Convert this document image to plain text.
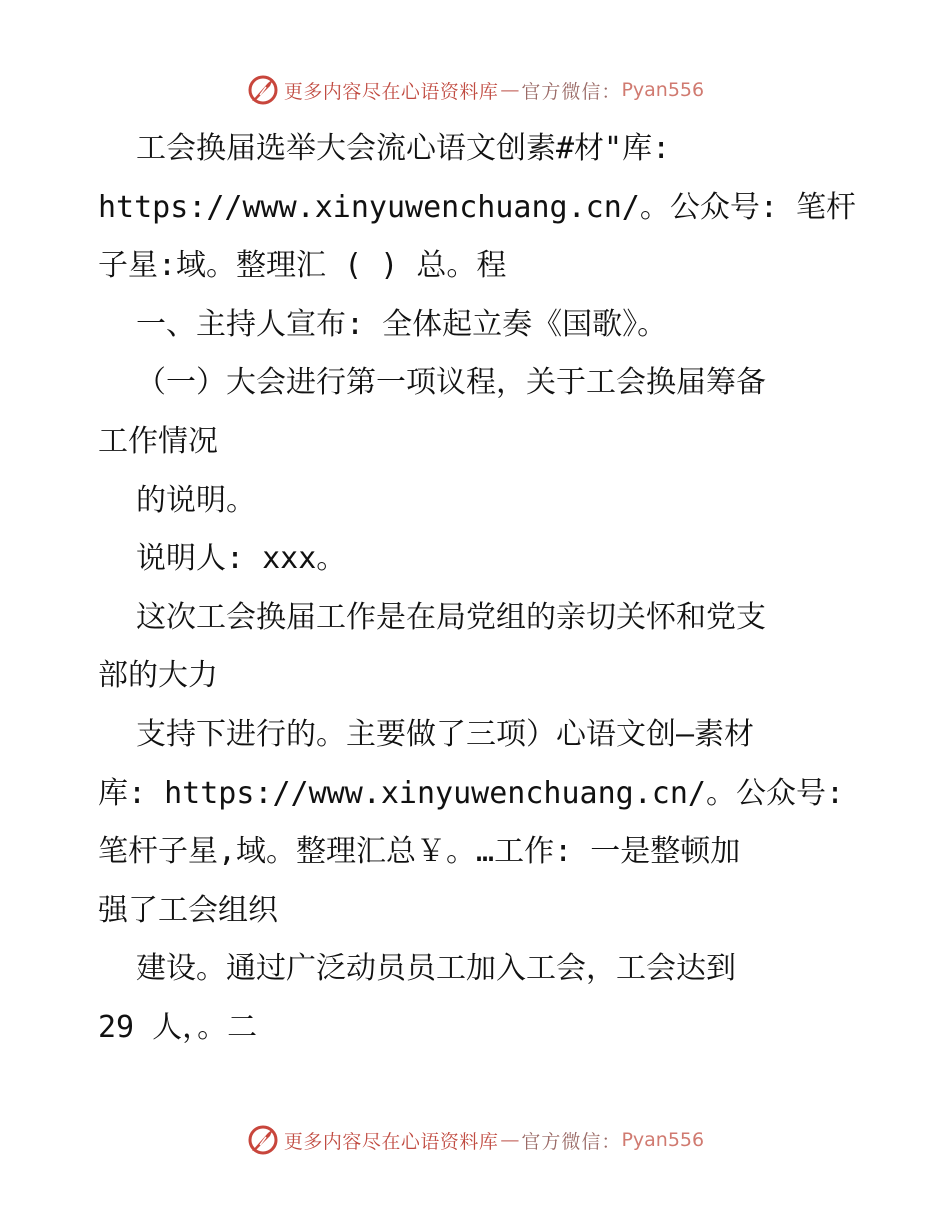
更多内容尽在心语资料库 — 官方微信： Pyan556

工会换届选举大会流心语文创素#材"库:

https://www.xinyuwenchuang.cn/。公众号: 笔杆

子星:域。整理汇 ( ) 总。程

一、主持人宣布: 全体起立奏《国歌》。

（一）大会进行第一项议程，关于工会换届筹备

工作情况

的说明。

说明人: xxx。

这次工会换届工作是在局党组的亲切关怀和党支

部的大力

支持下进行的。主要做了三项）心语文创—素材

库: https://www.xinyuwenchuang.cn/。公众号:

笔杆子星,域。整理汇总￥。…工作: 一是整顿加

强了工会组织

建设。通过广泛动员员工加入工会，工会达到

29 人，。二

更多内容尽在心语资料库 — 官方微信： Pyan556
